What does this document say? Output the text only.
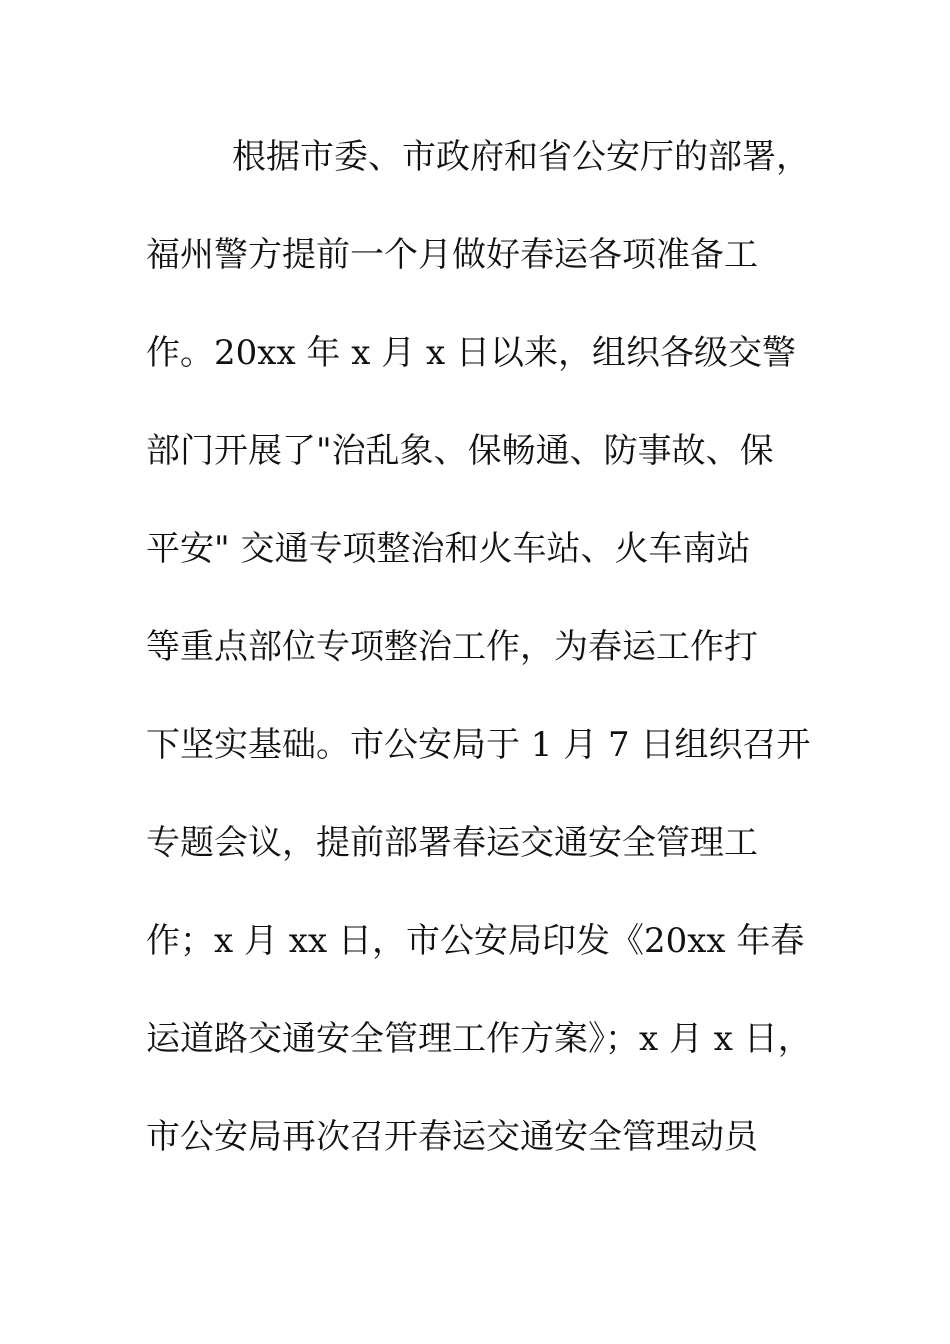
根据市委、市政府和省公安厅的部署，
福州警方提前一个月做好春运各项准备工
作。20xx 年 x 月 x 日以来，组织各级交警
部门开展了"治乱象、保畅通、防事故、保
平安" 交通专项整治和火车站、火车南站
等重点部位专项整治工作，为春运工作打
下坚实基础。市公安局于 1 月 7 日组织召开
专题会议，提前部署春运交通安全管理工
作；x 月 xx 日，市公安局印发《20xx 年春
运道路交通安全管理工作方案》；x 月 x 日，
市公安局再次召开春运交通安全管理动员
